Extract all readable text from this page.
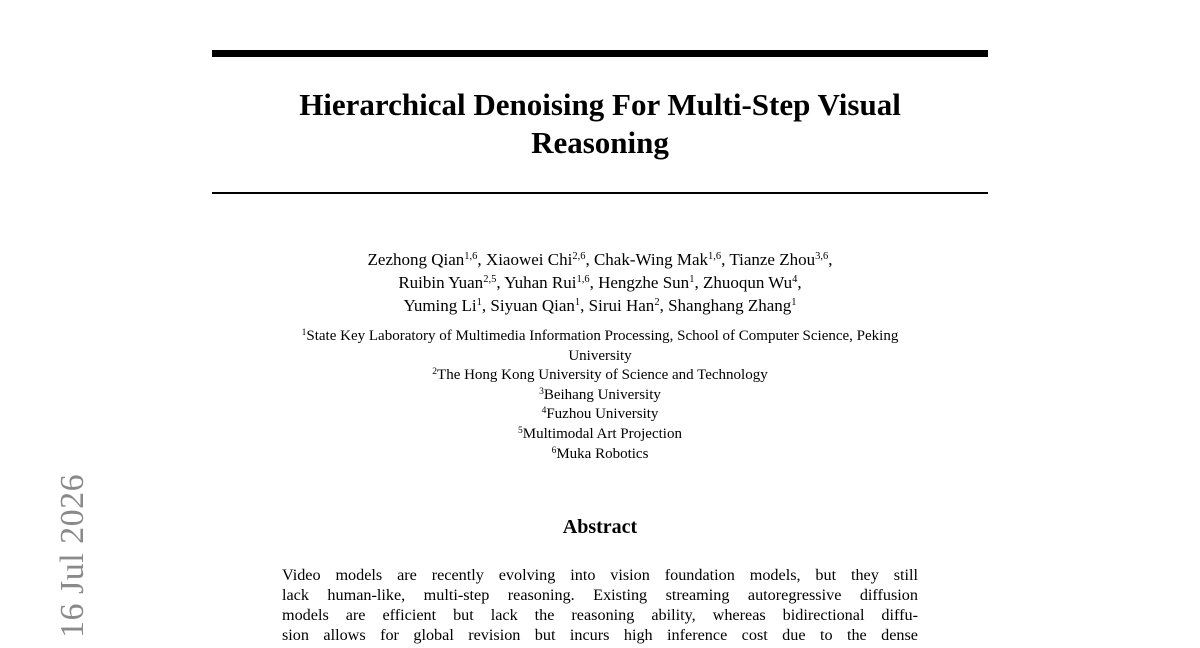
16 Jul 2026
Hierarchical Denoising For Multi-Step Visual
Reasoning
Zezhong Qian$^{1,6}$, Xiaowei Chi$^{2,6}$, Chak-Wing Mak$^{1,6}$, Tianze Zhou$^{3,6}$,
Ruibin Yuan$^{2,5}$, Yuhan Rui$^{1,6}$, Hengzhe Sun$^1$, Zhuoqun Wu$^4$,
Yuming Li$^1$, Siyuan Qian$^1$, Sirui Han$^2$, Shanghang Zhang$^1$
$^1$State Key Laboratory of Multimedia Information Processing, School of Computer Science, Peking
University
$^2$The Hong Kong University of Science and Technology
$^3$Beihang University
$^4$Fuzhou University
$^5$Multimodal Art Projection
$^6$Muka Robotics
Abstract

Video models are recently evolving into vision foundation models, but they still
lack human-like, multi-step reasoning. Existing streaming autoregressive diffusion
models are efficient but lack the reasoning ability, whereas bidirectional diffu-
sion allows for global revision but incurs high inference cost due to the dense
